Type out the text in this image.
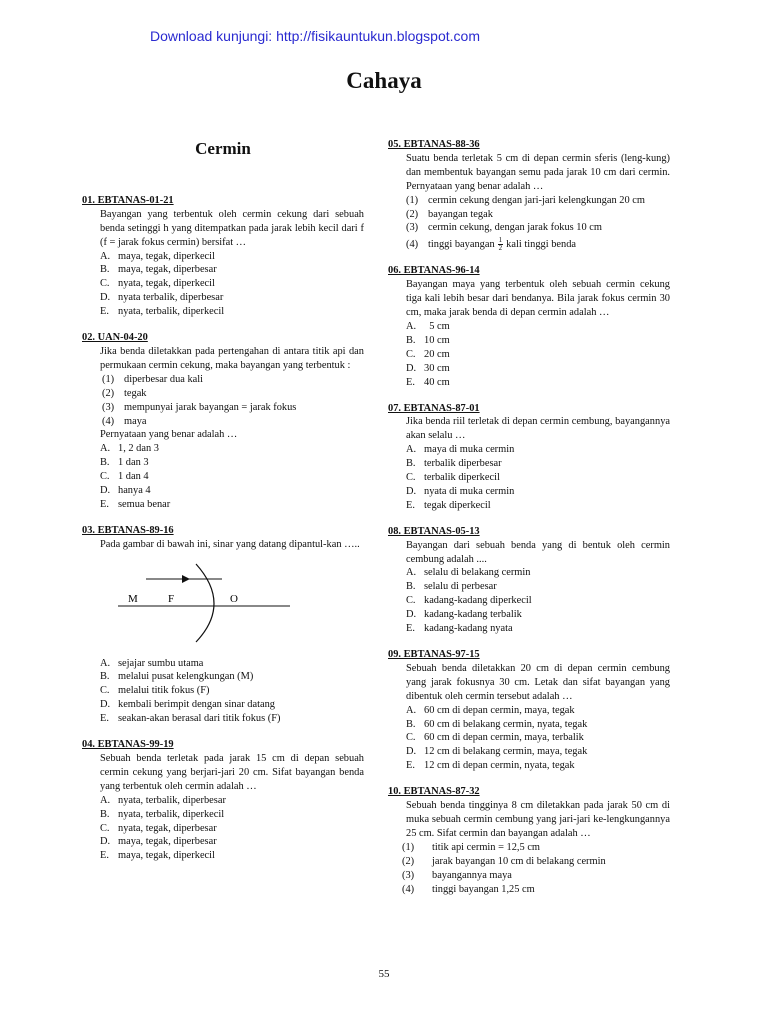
Download kunjungi: http://fisikauntukun.blogspot.com
Cahaya
Cermin
01. EBTANAS-01-21
Bayangan yang terbentuk oleh cermin cekung dari sebuah benda setinggi h yang ditempatkan pada jarak lebih kecil dari f (f = jarak fokus cermin) bersifat …
A. maya, tegak, diperkecil
B. maya, tegak, diperbesar
C. nyata, tegak, diperkecil
D. nyata terbalik, diperbesar
E. nyata, terbalik, diperkecil
02. UAN-04-20
Jika benda diletakkan pada pertengahan di antara titik api dan permukaan cermin cekung, maka bayangan yang terbentuk :
(1) diperbesar dua kali
(2) tegak
(3) mempunyai jarak bayangan = jarak fokus
(4) maya
Pernyataan yang benar adalah …
A. 1, 2 dan 3
B. 1 dan 3
C. 1 dan 4
D. hanya 4
E. semua benar
03. EBTANAS-89-16
Pada gambar di bawah ini, sinar yang datang dipantul-kan …..
M	F	O
A. sejajar sumbu utama
B. melalui pusat kelengkungan (M)
C. melalui titik fokus (F)
D. kembali berimpit dengan sinar datang
E. seakan-akan berasal dari titik fokus (F)
04. EBTANAS-99-19
Sebuah benda terletak pada jarak 15 cm di depan sebuah cermin cekung yang berjari-jari 20 cm. Sifat bayangan benda yang terbentuk oleh cermin adalah …
A. nyata, terbalik, diperbesar
B. nyata, terbalik, diperkecil
C. nyata, tegak, diperbesar
D. maya, tegak, diperbesar
E. maya, tegak, diperkecil
05. EBTANAS-88-36
Suatu benda terletak 5 cm di depan cermin sferis (leng-kung) dan membentuk bayangan semu pada jarak 10 cm dari cermin. Pernyataan yang benar adalah …
(1) cermin cekung dengan jari-jari kelengkungan 20 cm
(2) bayangan tegak
(3) cermin cekung, dengan jarak fokus 10 cm
(4) tinggi bayangan $\frac{1}{2}$ kali tinggi benda
06. EBTANAS-96-14
Bayangan maya yang terbentuk oleh sebuah cermin cekung tiga kali lebih besar dari bendanya. Bila jarak fokus cermin 30 cm, maka jarak benda di depan cermin adalah …
A. 5 cm
B. 10 cm
C. 20 cm
D. 30 cm
E. 40 cm
07. EBTANAS-87-01
Jika benda riil terletak di depan cermin cembung, bayangannya akan selalu …
A. maya di muka cermin
B. terbalik diperbesar
C. terbalik diperkecil
D. nyata di muka cermin
E. tegak diperkecil
08. EBTANAS-05-13
Bayangan dari sebuah benda yang di bentuk oleh cermin cembung adalah ....
A. selalu di belakang cermin
B. selalu di perbesar
C. kadang-kadang diperkecil
D. kadang-kadang terbalik
E. kadang-kadang nyata
09. EBTANAS-97-15
Sebuah benda diletakkan 20 cm di depan cermin cembung yang jarak fokusnya 30 cm. Letak dan sifat bayangan yang dibentuk oleh cermin tersebut adalah …
A. 60 cm di depan cermin, maya, tegak
B. 60 cm di belakang cermin, nyata, tegak
C. 60 cm di depan cermin, maya, terbalik
D. 12 cm di belakang cermin, maya, tegak
E. 12 cm di depan cermin, nyata, tegak
10. EBTANAS-87-32
Sebuah benda tingginya 8 cm diletakkan pada jarak 50 cm di muka sebuah cermin cembung yang jari-jari ke-lengkungannya 25 cm. Sifat cermin dan bayangan adalah …
(1)	titik api cermin = 12,5 cm
(2)	jarak bayangan 10 cm di belakang cermin
(3)	bayangannya maya
(4)	tinggi bayangan 1,25 cm
55
